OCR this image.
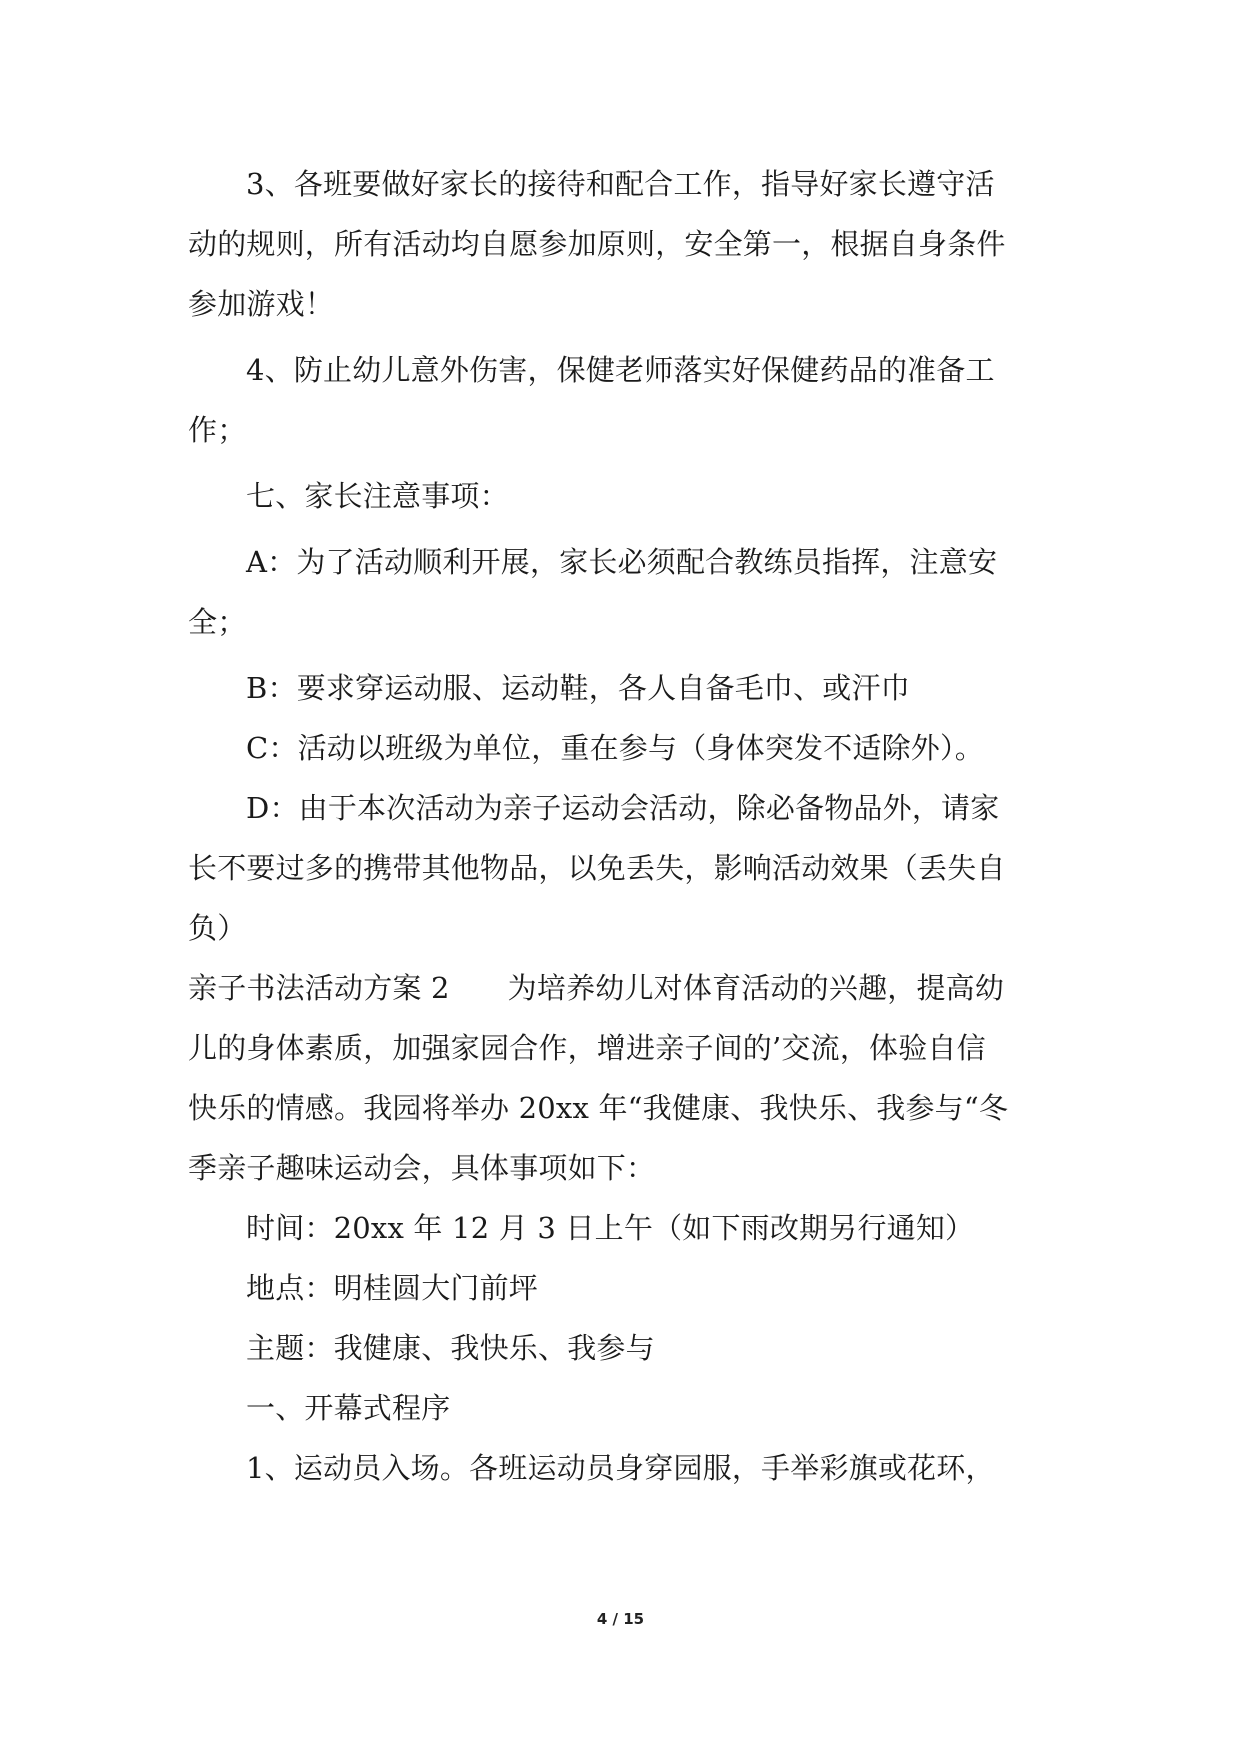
3、各班要做好家长的接待和配合工作，指导好家长遵守活
动的规则，所有活动均自愿参加原则，安全第一，根据自身条件
参加游戏！
4、防止幼儿意外伤害，保健老师落实好保健药品的准备工
作；
七、家长注意事项：
A：为了活动顺利开展，家长必须配合教练员指挥，注意安
全；
B：要求穿运动服、运动鞋，各人自备毛巾、或汗巾
C：活动以班级为单位，重在参与（身体突发不适除外）。
D：由于本次活动为亲子运动会活动，除必备物品外，请家
长不要过多的携带其他物品，以免丢失，影响活动效果（丢失自
负）
亲子书法活动方案 2 为培养幼儿对体育活动的兴趣，提高幼
儿的身体素质，加强家园合作，增进亲子间的’交流，体验自信
快乐的情感。我园将举办 20xx 年“我健康、我快乐、我参与“冬
季亲子趣味运动会，具体事项如下：
时间：20xx 年 12 月 3 日上午（如下雨改期另行通知）
地点：明桂圆大门前坪
主题：我健康、我快乐、我参与
一、开幕式程序
1、运动员入场。各班运动员身穿园服，手举彩旗或花环，
4 / 15
